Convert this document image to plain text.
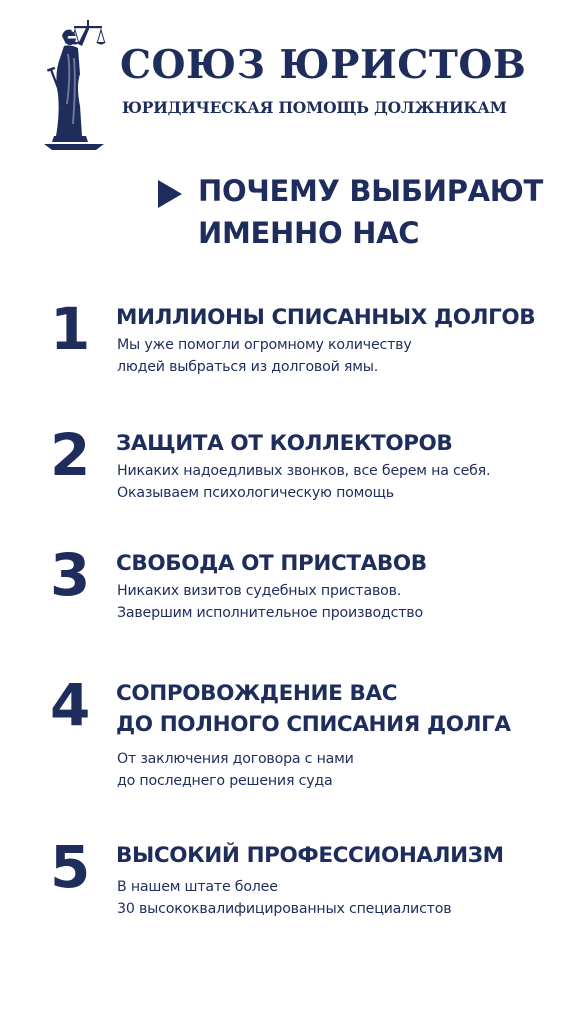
СОЮЗ ЮРИСТОВ
ЮРИДИЧЕСКАЯ ПОМОЩЬ ДОЛЖНИКАМ
ПОЧЕМУ ВЫБИРАЮТ ИМЕННО НАС
1	МИЛЛИОНЫ СПИСАННЫХ ДОЛГОВ
Мы уже помогли огромному количеству
людей выбраться из долговой ямы.
2	ЗАЩИТА ОТ КОЛЛЕКТОРОВ
Никаких надоедливых звонков, все берем на себя.
Оказываем психологическую помощь
3	СВОБОДА ОТ ПРИСТАВОВ
Никаких визитов судебных приставов.
Завершим исполнительное производство
4	СОПРОВОЖДЕНИЕ ВАС
ДО ПОЛНОГО СПИСАНИЯ ДОЛГА
От заключения договора с нами
до последнего решения суда
5	ВЫСОКИЙ ПРОФЕССИОНАЛИЗМ
В нашем штате более
30 высококвалифицированных специалистов
